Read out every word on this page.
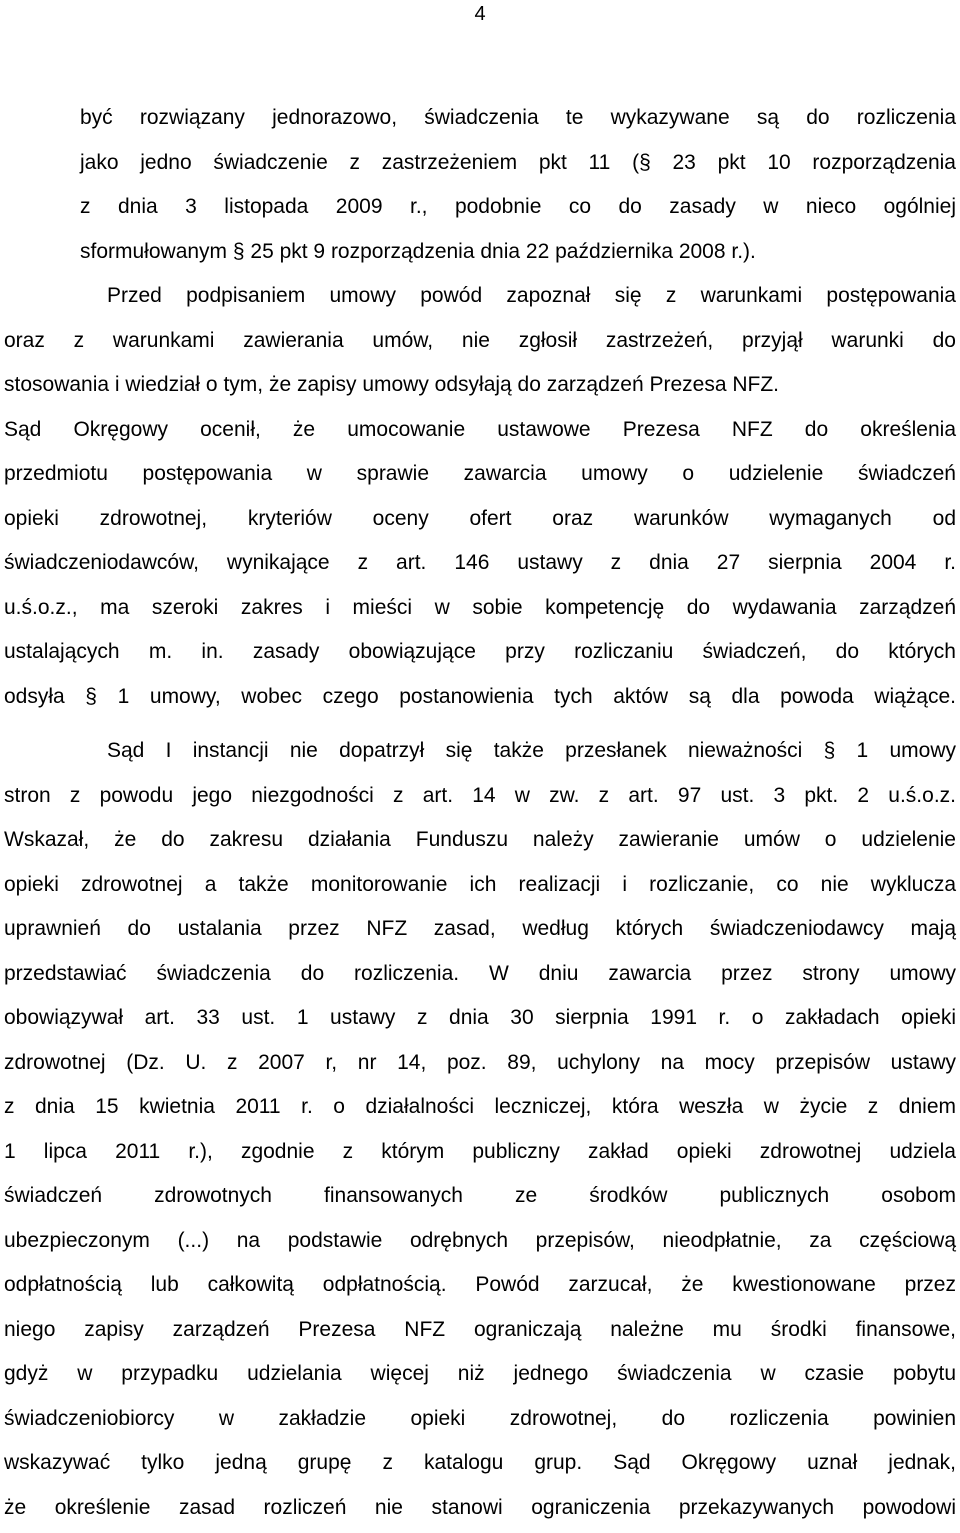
4
być rozwiązany jednorazowo, świadczenia te wykazywane są do rozliczenia
jako jedno świadczenie z zastrzeżeniem pkt 11 (§ 23 pkt 10 rozporządzenia
z dnia 3 listopada 2009 r., podobnie co do zasady w nieco ogólniej
sformułowanym § 25 pkt 9 rozporządzenia dnia 22 października 2008 r.).
Przed podpisaniem umowy powód zapoznał się z warunkami postępowania
oraz z warunkami zawierania umów, nie zgłosił zastrzeżeń, przyjął warunki do
stosowania i wiedział o tym, że zapisy umowy odsyłają do zarządzeń Prezesa NFZ.
Sąd Okręgowy ocenił, że umocowanie ustawowe Prezesa NFZ do określenia
przedmiotu postępowania w sprawie zawarcia umowy o udzielenie świadczeń
opieki zdrowotnej, kryteriów oceny ofert oraz warunków wymaganych od
świadczeniodawców, wynikające z art. 146 ustawy z dnia 27 sierpnia 2004 r.
u.ś.o.z., ma szeroki zakres i mieści w sobie kompetencję do wydawania zarządzeń
ustalających m. in. zasady obowiązujące przy rozliczaniu świadczeń, do których
odsyła § 1 umowy, wobec czego postanowienia tych aktów są dla powoda wiążące.
Sąd I instancji nie dopatrzył się także przesłanek nieważności § 1 umowy
stron z powodu jego niezgodności z art. 14 w zw. z art. 97 ust. 3 pkt. 2 u.ś.o.z.
Wskazał, że do zakresu działania Funduszu należy zawieranie umów o udzielenie
opieki zdrowotnej a także monitorowanie ich realizacji i rozliczanie, co nie wyklucza
uprawnień do ustalania przez NFZ zasad, według których świadczeniodawcy mają
przedstawiać świadczenia do rozliczenia. W dniu zawarcia przez strony umowy
obowiązywał art. 33 ust. 1 ustawy z dnia 30 sierpnia 1991 r. o zakładach opieki
zdrowotnej (Dz. U. z 2007 r, nr 14, poz. 89, uchylony na mocy przepisów ustawy
z dnia 15 kwietnia 2011 r. o działalności leczniczej, która weszła w życie z dniem
1 lipca 2011 r.), zgodnie z którym publiczny zakład opieki zdrowotnej udziela
świadczeń zdrowotnych finansowanych ze środków publicznych osobom
ubezpieczonym (...) na podstawie odrębnych przepisów, nieodpłatnie, za częściową
odpłatnością lub całkowitą odpłatnością. Powód zarzucał, że kwestionowane przez
niego zapisy zarządzeń Prezesa NFZ ograniczają należne mu środki finansowe,
gdyż w przypadku udzielania więcej niż jednego świadczenia w czasie pobytu
świadczeniobiorcy w zakładzie opieki zdrowotnej, do rozliczenia powinien
wskazywać tylko jedną grupę z katalogu grup. Sąd Okręgowy uznał jednak,
że określenie zasad rozliczeń nie stanowi ograniczenia przekazywanych powodowi
